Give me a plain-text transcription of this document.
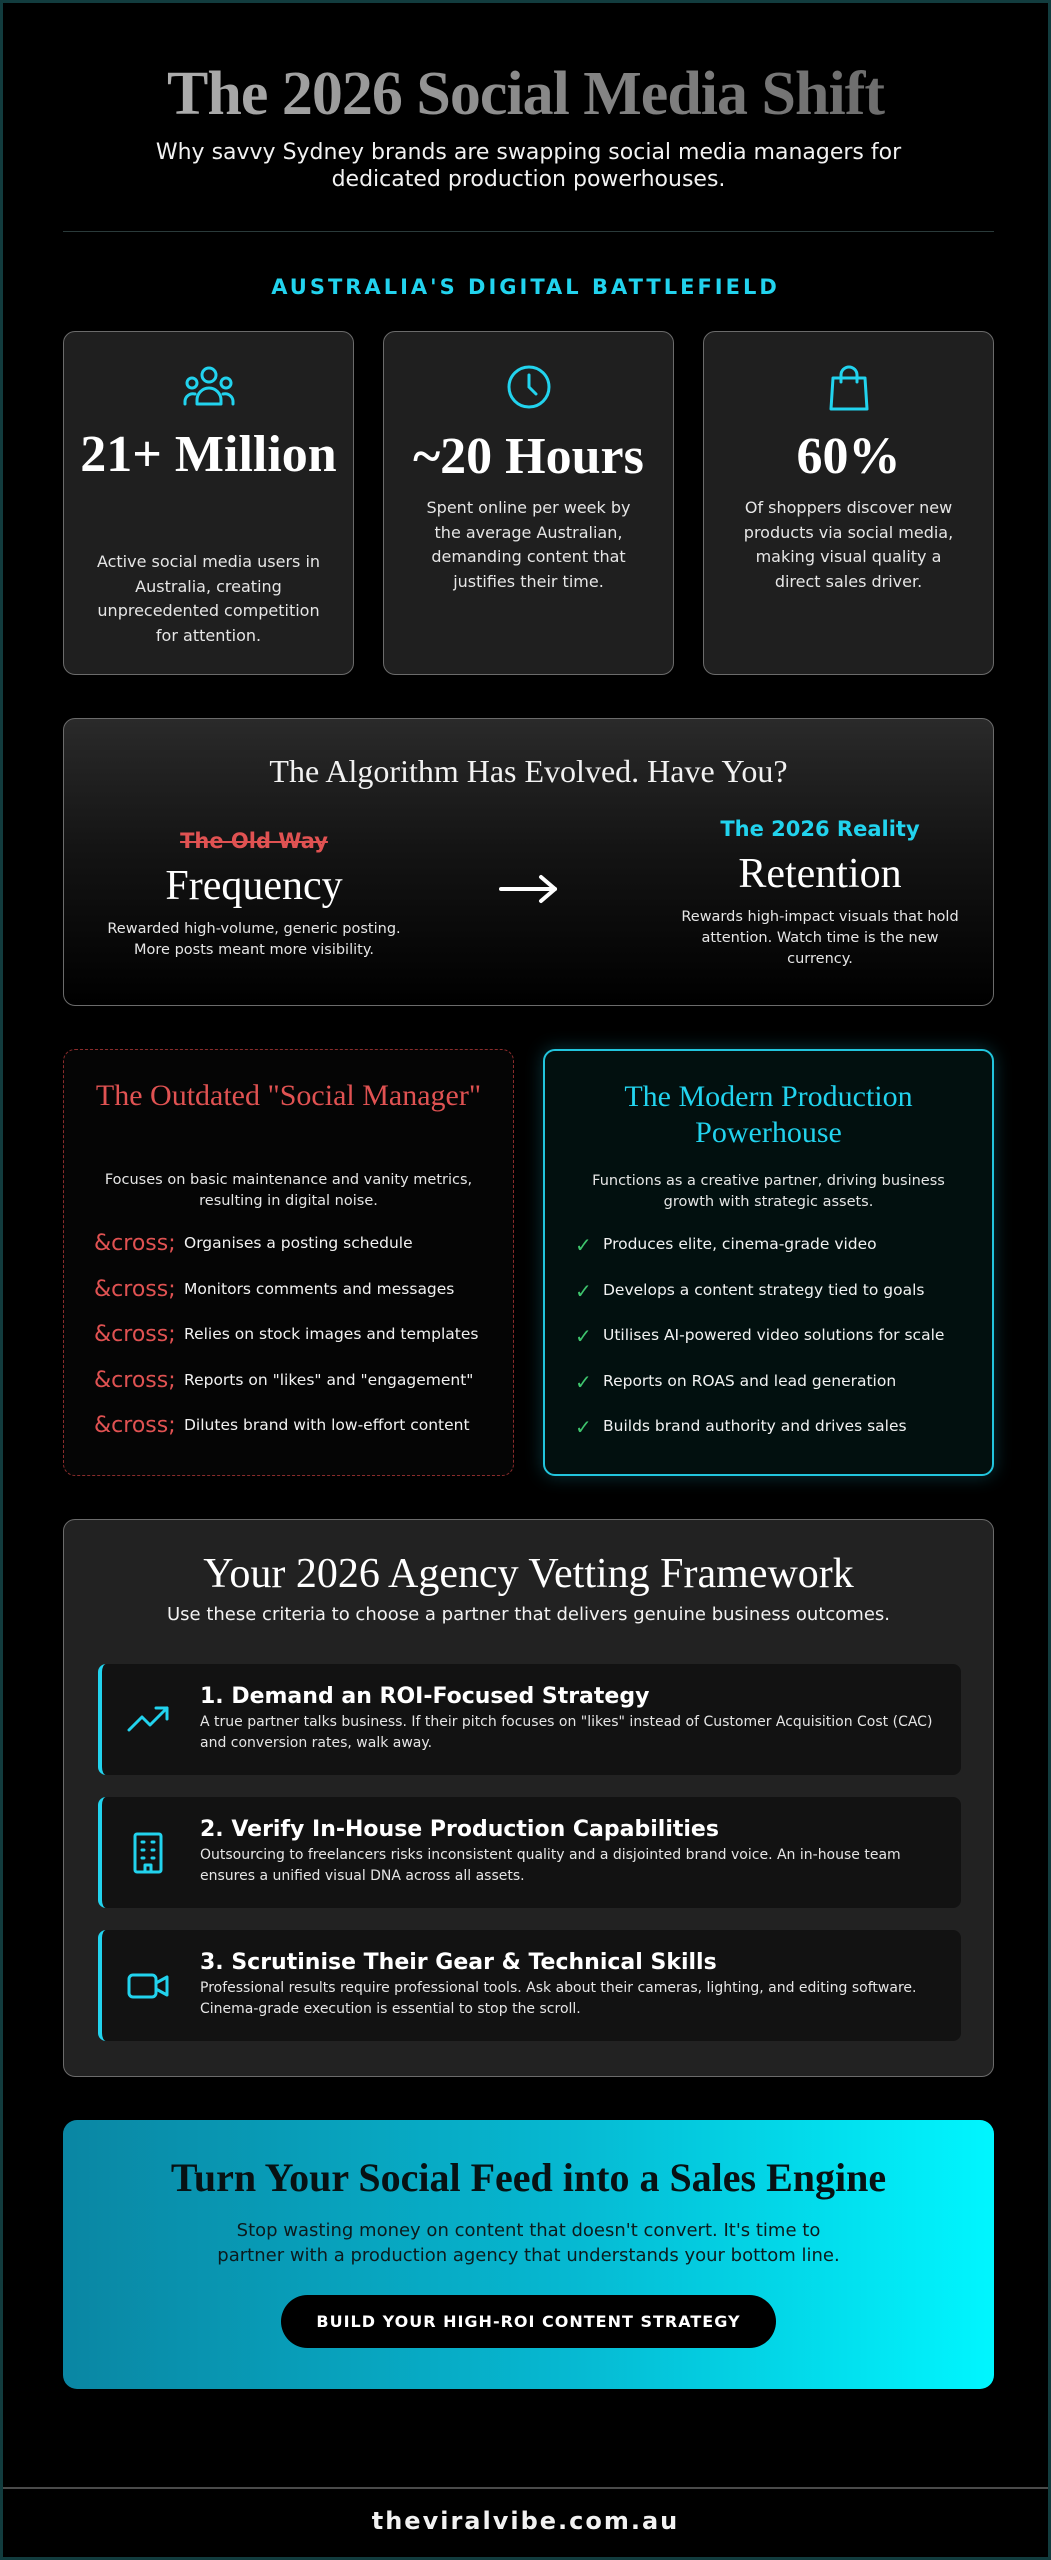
The 2026 Social Media Shift

Why savvy Sydney brands are swapping social media managers for dedicated production powerhouses.

AUSTRALIA'S DIGITAL BATTLEFIELD
21+ Million
Active social media users in Australia, creating unprecedented competition for attention.
~20 Hours
Spent online per week by the average Australian, demanding content that justifies their time.
60%
Of shoppers discover new products via social media, making visual quality a direct sales driver.
The Algorithm Has Evolved. Have You?
The Old Way
Frequency
Rewarded high-volume, generic posting. More posts meant more visibility.
The 2026 Reality
Retention
Rewards high-impact visuals that hold attention. Watch time is the new currency.
The Outdated "Social Manager"
Focuses on basic maintenance and vanity metrics, resulting in digital noise.
&cross; Organises a posting schedule
&cross; Monitors comments and messages
&cross; Relies on stock images and templates
&cross; Reports on "likes" and "engagement"
&cross; Dilutes brand with low-effort content
The Modern Production Powerhouse
Functions as a creative partner, driving business growth with strategic assets.
✓ Produces elite, cinema-grade video
✓ Develops a content strategy tied to goals
✓ Utilises AI-powered video solutions for scale
✓ Reports on ROAS and lead generation
✓ Builds brand authority and drives sales
Your 2026 Agency Vetting Framework
Use these criteria to choose a partner that delivers genuine business outcomes.
1. Demand an ROI-Focused Strategy
A true partner talks business. If their pitch focuses on "likes" instead of Customer Acquisition Cost (CAC) and conversion rates, walk away.
2. Verify In-House Production Capabilities
Outsourcing to freelancers risks inconsistent quality and a disjointed brand voice. An in-house team ensures a unified visual DNA across all assets.
3. Scrutinise Their Gear & Technical Skills
Professional results require professional tools. Ask about their cameras, lighting, and editing software. Cinema-grade execution is essential to stop the scroll.
Turn Your Social Feed into a Sales Engine
Stop wasting money on content that doesn't convert. It's time to partner with a production agency that understands your bottom line.
BUILD YOUR HIGH-ROI CONTENT STRATEGY
theviralvibe.com.au
